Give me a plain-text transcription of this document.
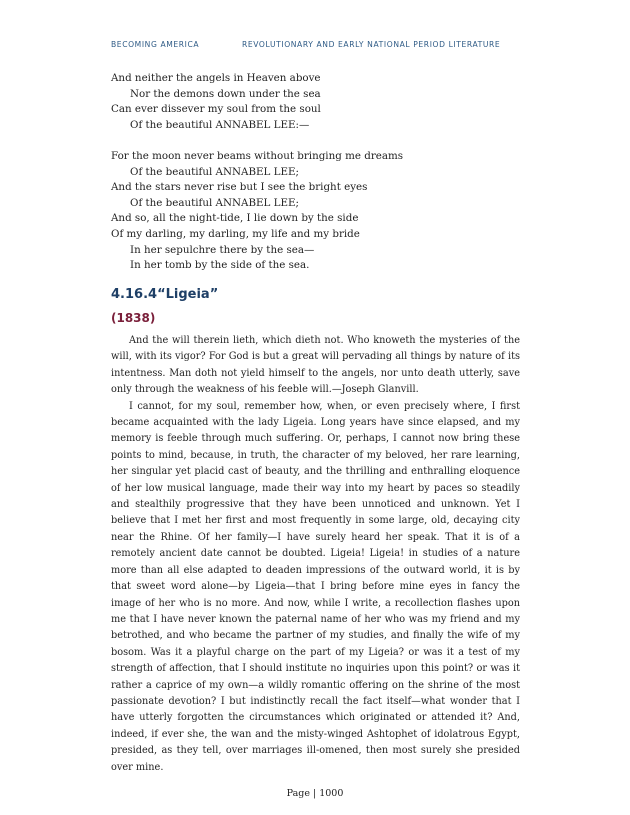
BECOMING AMERICA	REVOLUTIONARY AND EARLY NATIONAL PERIOD LITERATURE
And neither the angels in Heaven above
Nor the demons down under the sea
Can ever dissever my soul from the soul
Of the beautiful ANNABEL LEE:—
For the moon never beams without bringing me dreams
Of the beautiful ANNABEL LEE;
And the stars never rise but I see the bright eyes
Of the beautiful ANNABEL LEE;
And so, all the night-tide, I lie down by the side
Of my darling, my darling, my life and my bride
In her sepulchre there by the sea—
In her tomb by the side of the sea.
4.16.4“Ligeia”
(1838)

And the will therein lieth, which dieth not. Who knoweth the mysteries of the will, with its vigor? For God is but a great will pervading all things by nature of its intentness. Man doth not yield himself to the angels, nor unto death utterly, save only through the weakness of his feeble will.—Joseph Glanvill.

I cannot, for my soul, remember how, when, or even precisely where, I first became acquainted with the lady Ligeia. Long years have since elapsed, and my memory is feeble through much suffering. Or, perhaps, I cannot now bring these points to mind, because, in truth, the character of my beloved, her rare learning, her singular yet placid cast of beauty, and the thrilling and enthralling eloquence of her low musical language, made their way into my heart by paces so steadily and stealthily progressive that they have been unnoticed and unknown. Yet I believe that I met her first and most frequently in some large, old, decaying city near the Rhine. Of her family—I have surely heard her speak. That it is of a remotely ancient date cannot be doubted. Ligeia! Ligeia! in studies of a nature more than all else adapted to deaden impressions of the outward world, it is by that sweet word alone—by Ligeia—that I bring before mine eyes in fancy the image of her who is no more. And now, while I write, a recollection flashes upon me that I have never known the paternal name of her who was my friend and my betrothed, and who became the partner of my studies, and finally the wife of my bosom. Was it a playful charge on the part of my Ligeia? or was it a test of my strength of affection, that I should institute no inquiries upon this point? or was it rather a caprice of my own—a wildly romantic offering on the shrine of the most passionate devotion? I but indistinctly recall the fact itself—what wonder that I have utterly forgotten the circumstances which originated or attended it? And, indeed, if ever she, the wan and the misty-winged Ashtophet of idolatrous Egypt, presided, as they tell, over marriages ill-omened, then most surely she presided over mine.

Page | 1000
